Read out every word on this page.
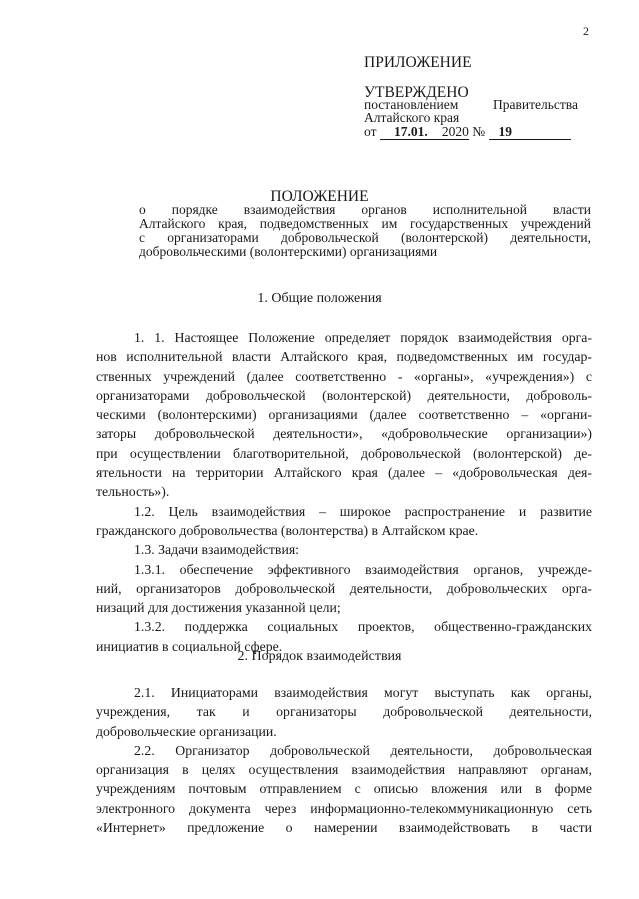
2
ПРИЛОЖЕНИЕ
УТВЕРЖДЕНО
постановлением	Правительства
Алтайского края
от 17.01. 2020 № 19
ПОЛОЖЕНИЕ
о порядке взаимодействия органов исполнительной власти
Алтайского края, подведомственных им государственных учреждений
с организаторами добровольческой (волонтерской) деятельности,
добровольческими (волонтерскими) организациями
1. Общие положения
1. 1. Настоящее Положение определяет порядок взаимодействия орга-
нов исполнительной власти Алтайского края, подведомственных им государ-
ственных учреждений (далее соответственно - «органы», «учреждения») с
организаторами добровольческой (волонтерской) деятельности, доброволь-
ческими (волонтерскими) организациями (далее соответственно – «органи-
заторы добровольческой деятельности», «добровольческие организации»)
при осуществлении благотворительной, добровольческой (волонтерской) де-
ятельности на территории Алтайского края (далее – «добровольческая дея-
тельность»).
1.2. Цель взаимодействия – широкое распространение и развитие
гражданского добровольчества (волонтерства) в Алтайском крае.
1.3. Задачи взаимодействия:
1.3.1. обеспечение эффективного взаимодействия органов, учрежде-
ний, организаторов добровольческой деятельности, добровольческих орга-
низаций для достижения указанной цели;
1.3.2. поддержка социальных проектов, общественно-гражданских
инициатив в социальной сфере.
2. Порядок взаимодействия
2.1. Инициаторами взаимодействия могут выступать как органы,
учреждения, так и организаторы добровольческой деятельности,
добровольческие организации.
2.2. Организатор добровольческой деятельности, добровольческая
организация в целях осуществления взаимодействия направляют органам,
учреждениям почтовым отправлением с описью вложения или в форме
электронного документа через информационно-телекоммуникационную сеть
«Интернет» предложение о намерении взаимодействовать в части
